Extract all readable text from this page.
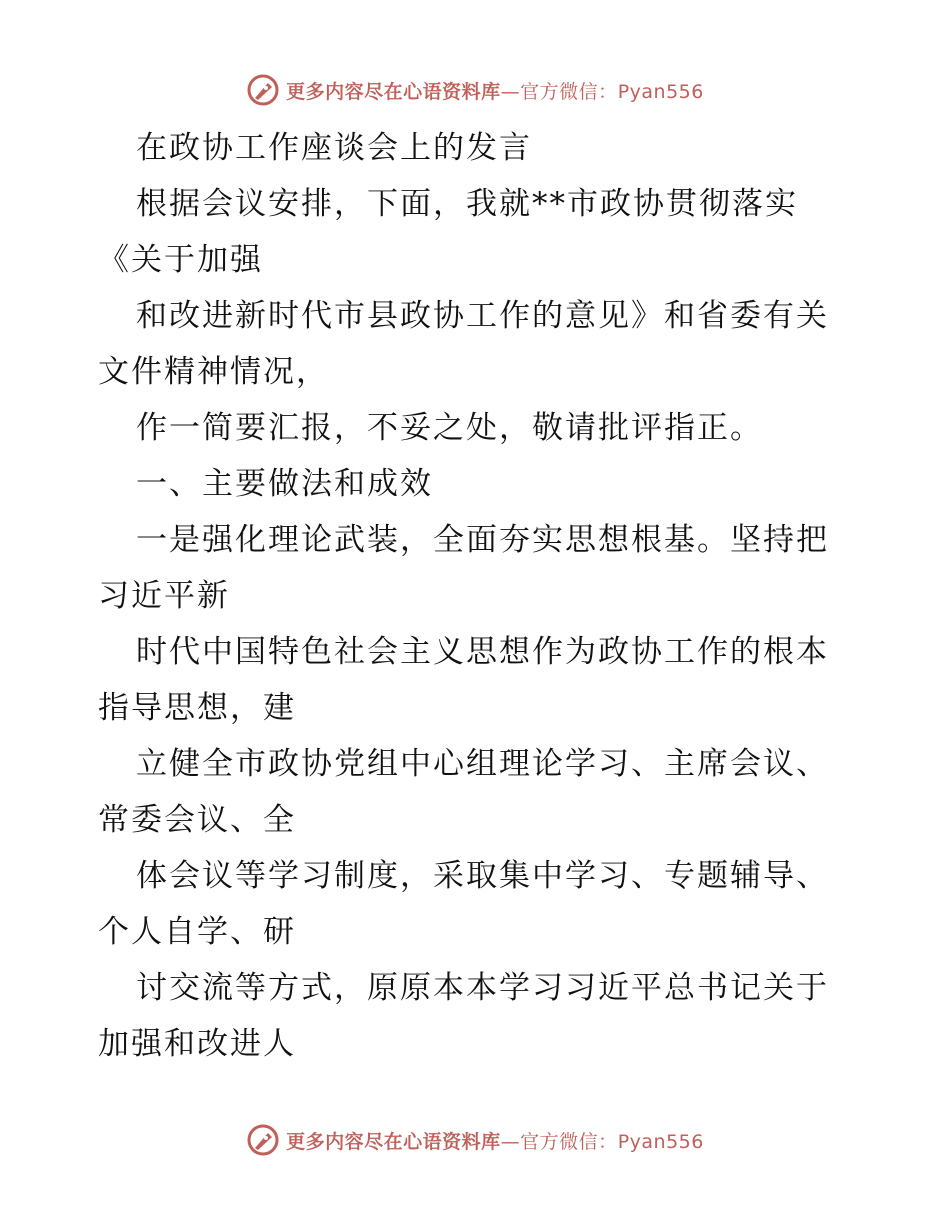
更多内容尽在心语资料库—官方微信：Pyan556
在政协工作座谈会上的发言
根据会议安排，下面，我就**市政协贯彻落实
《关于加强
和改进新时代市县政协工作的意见》和省委有关
文件精神情况，
作一简要汇报，不妥之处，敬请批评指正。
一、主要做法和成效
一是强化理论武装，全面夯实思想根基。坚持把
习近平新
时代中国特色社会主义思想作为政协工作的根本
指导思想，建
立健全市政协党组中心组理论学习、主席会议、
常委会议、全
体会议等学习制度，采取集中学习、专题辅导、
个人自学、研
讨交流等方式，原原本本学习习近平总书记关于
加强和改进人
更多内容尽在心语资料库—官方微信：Pyan556
